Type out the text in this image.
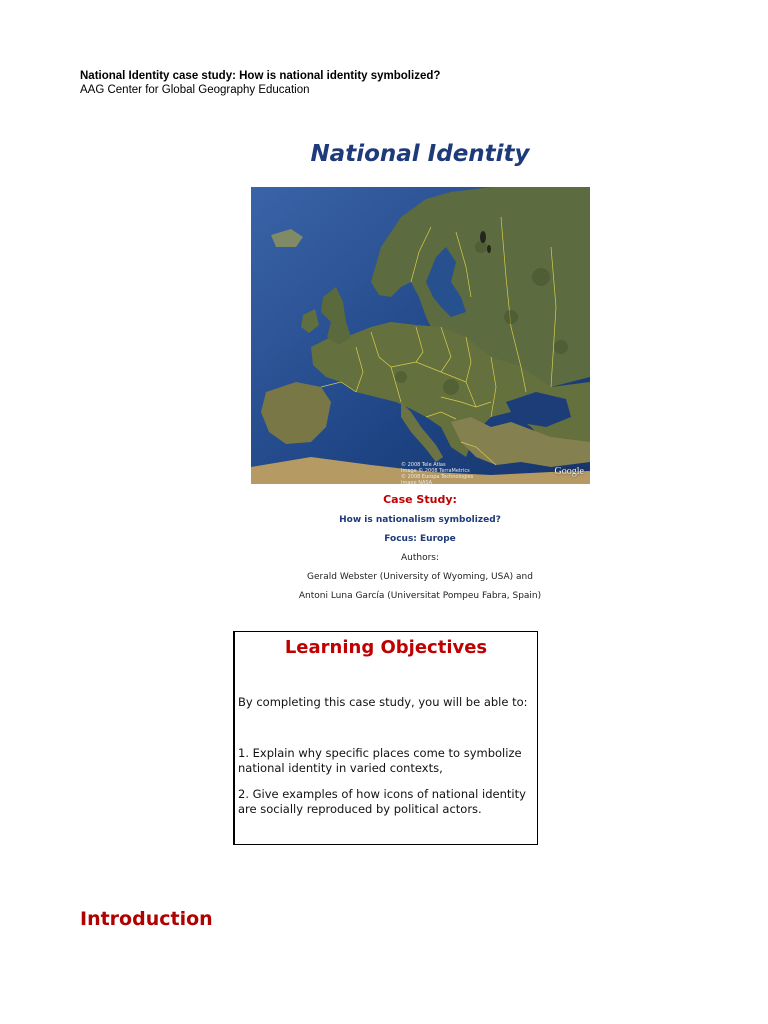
National Identity case study: How is national identity symbolized?
AAG Center for Global Geography Education
National Identity
© 2008 Tele Atlas
Image © 2008 TerraMetrics
© 2008 Europa Technologies
Image NASA
Google
Case Study:
How is nationalism symbolized?
Focus: Europe
Authors:
Gerald Webster (University of Wyoming, USA) and
Antoni Luna García (Universitat Pompeu Fabra, Spain)
Learning Objectives
By completing this case study, you will be able to:
1. Explain why specific places come to symbolize national identity in varied contexts,
2. Give examples of how icons of national identity are socially reproduced by political actors.
Introduction
